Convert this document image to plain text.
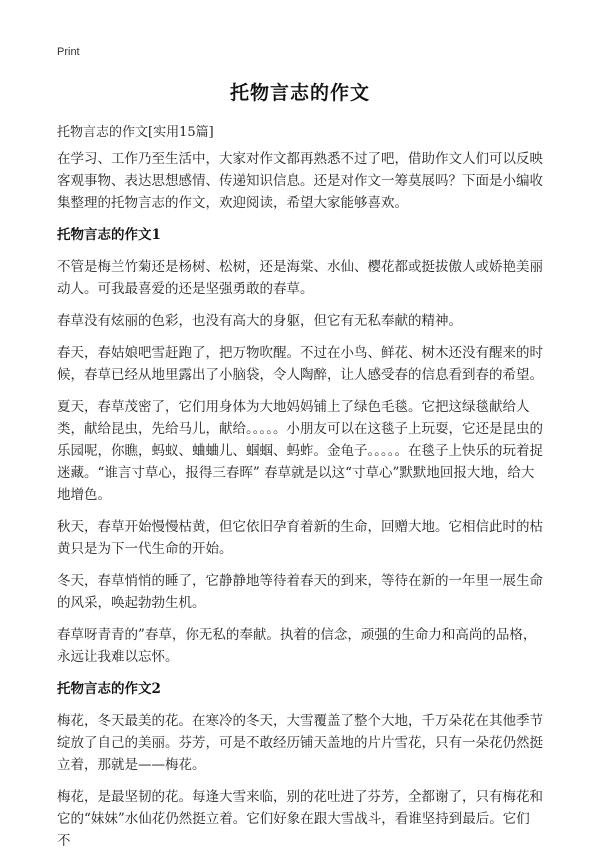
Print
托物言志的作文
托物言志的作文[实用15篇]

在学习、工作乃至生活中，大家对作文都再熟悉不过了吧，借助作文人们可以反映客观事物、表达思想感情、传递知识信息。还是对作文一筹莫展吗？下面是小编收集整理的托物言志的作文，欢迎阅读，希望大家能够喜欢。

托物言志的作文1

不管是梅兰竹菊还是杨树、松树，还是海棠、水仙、樱花都或挺拔傲人或娇艳美丽动人。可我最喜爱的还是坚强勇敢的春草。

春草没有炫丽的色彩，也没有高大的身躯，但它有无私奉献的精神。

春天，春姑娘吧雪赶跑了，把万物吹醒。不过在小鸟、鲜花、树木还没有醒来的时候，春草已经从地里露出了小脑袋，令人陶醉，让人感受春的信息看到春的希望。

夏天，春草茂密了，它们用身体为大地妈妈铺上了绿色毛毯。它把这绿毯献给人类，献给昆虫，先给马儿，献给。。。。。小朋友可以在这毯子上玩耍，它还是昆虫的乐园呢，你瞧，蚂蚁、蛐蛐儿、蝈蝈、蚂蚱。金龟子。。。。。在毯子上快乐的玩着捉迷藏。“谁言寸草心，报得三春晖” 春草就是以这“寸草心”默默地回报大地，给大地增色。

秋天，春草开始慢慢枯黄，但它依旧孕育着新的生命，回赠大地。它相信此时的枯黄只是为下一代生命的开始。

冬天，春草悄悄的睡了，它静静地等待着春天的到来，等待在新的一年里一展生命的风采，唤起勃勃生机。

春草呀青青的”春草，你无私的奉献。执着的信念，顽强的生命力和高尚的品格，永远让我难以忘怀。

托物言志的作文2

梅花，冬天最美的花。在寒冷的冬天，大雪覆盖了整个大地，千万朵花在其他季节绽放了自己的美丽。芬芳，可是不敢经历铺天盖地的片片雪花，只有一朵花仍然挺立着，那就是——梅花。

梅花，是最坚韧的花。每逢大雪来临，别的花吐进了芬芳，全都谢了，只有梅花和它的“妹妹”水仙花仍然挺立着。它们好象在跟大雪战斗，看谁坚持到最后。它们不
